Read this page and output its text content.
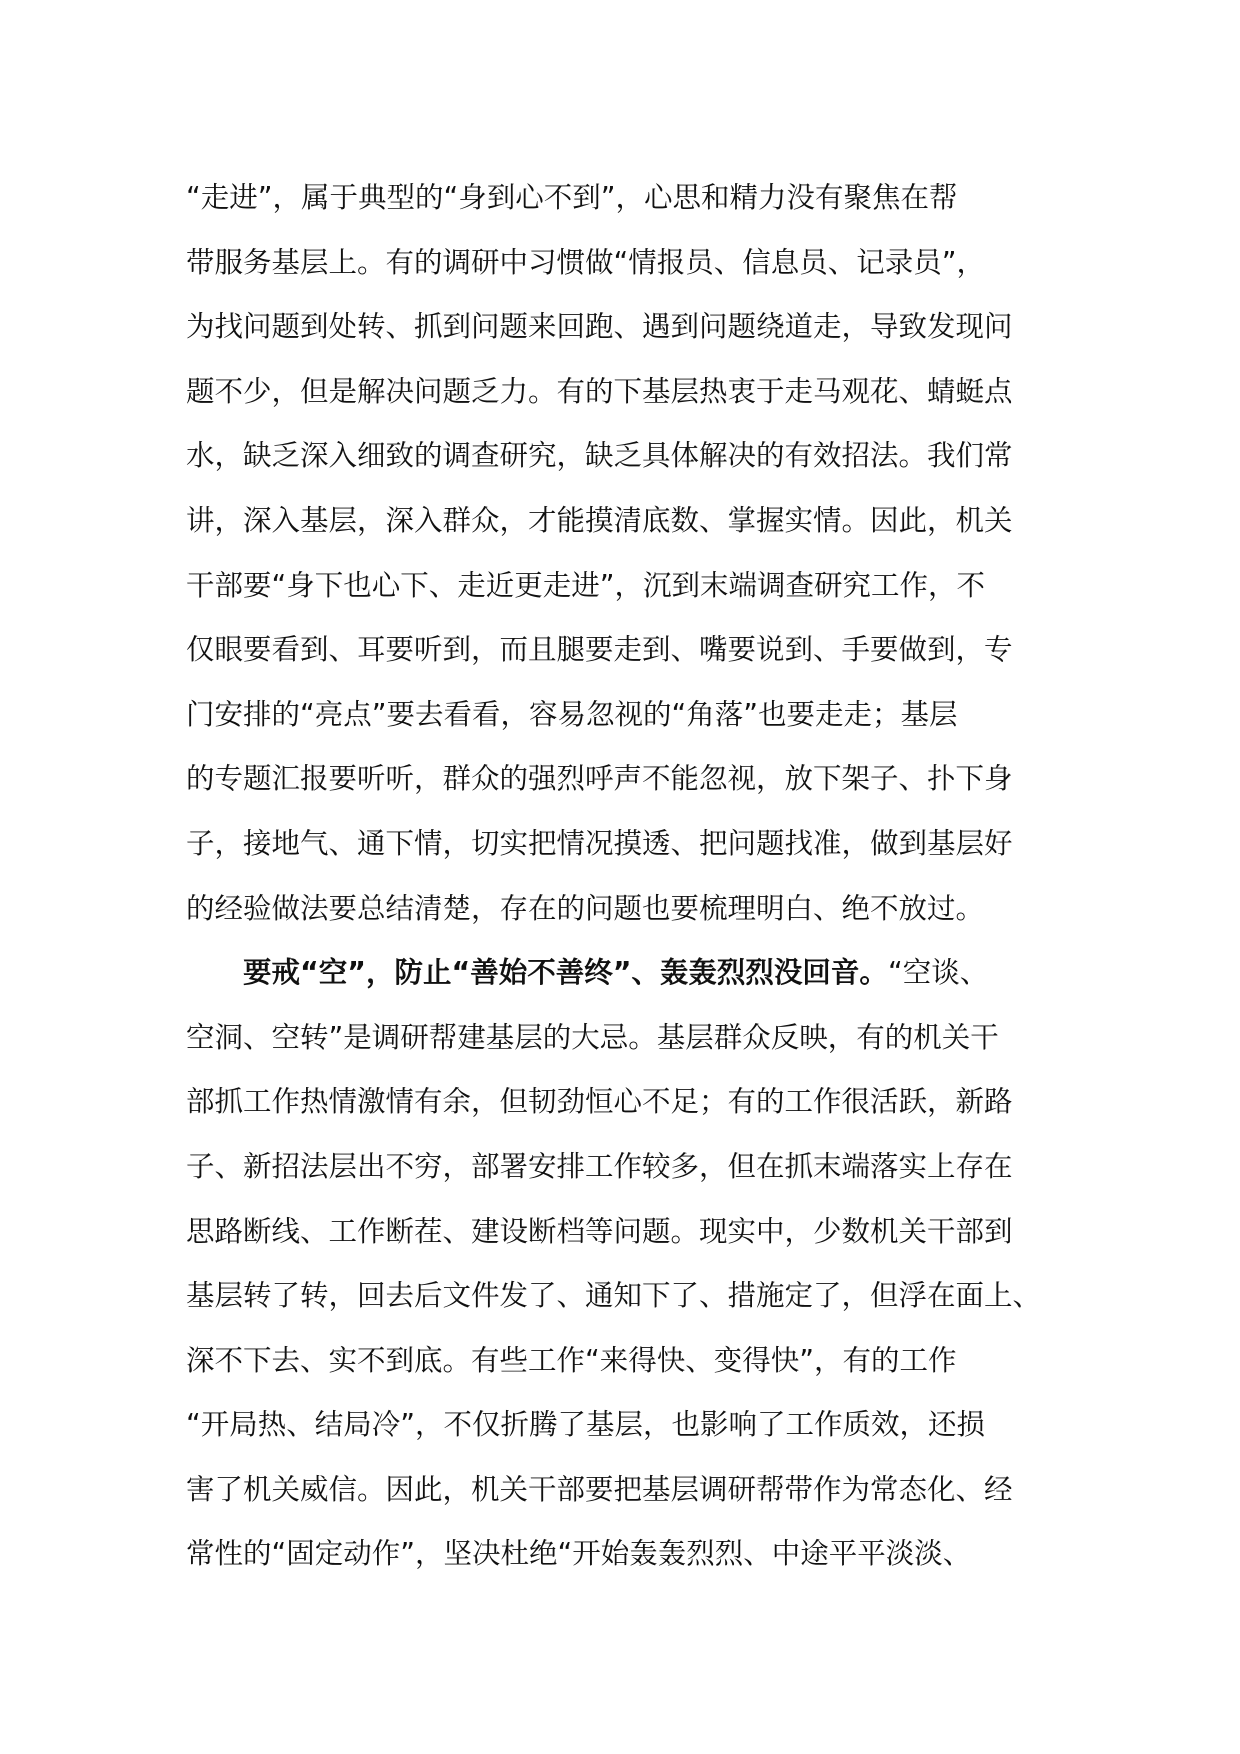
“走进”，属于典型的“身到心不到”，心思和精力没有聚焦在帮
带服务基层上。有的调研中习惯做“情报员、信息员、记录员”，
为找问题到处转、抓到问题来回跑、遇到问题绕道走，导致发现问
题不少，但是解决问题乏力。有的下基层热衷于走马观花、蜻蜓点
水，缺乏深入细致的调查研究，缺乏具体解决的有效招法。我们常
讲，深入基层，深入群众，才能摸清底数、掌握实情。因此，机关
干部要“身下也心下、走近更走进”，沉到末端调查研究工作，不
仅眼要看到、耳要听到，而且腿要走到、嘴要说到、手要做到，专
门安排的“亮点”要去看看，容易忽视的“角落”也要走走；基层
的专题汇报要听听，群众的强烈呼声不能忽视，放下架子、扑下身
子，接地气、通下情，切实把情况摸透、把问题找准，做到基层好
的经验做法要总结清楚，存在的问题也要梳理明白、绝不放过。
要戒“空”，防止“善始不善终”、轰轰烈烈没回音。“空谈、
空洞、空转”是调研帮建基层的大忌。基层群众反映，有的机关干
部抓工作热情激情有余，但韧劲恒心不足；有的工作很活跃，新路
子、新招法层出不穷，部署安排工作较多，但在抓末端落实上存在
思路断线、工作断茬、建设断档等问题。现实中，少数机关干部到
基层转了转，回去后文件发了、通知下了、措施定了，但浮在面上、
深不下去、实不到底。有些工作“来得快、变得快”，有的工作
“开局热、结局冷”，不仅折腾了基层，也影响了工作质效，还损
害了机关威信。因此，机关干部要把基层调研帮带作为常态化、经
常性的“固定动作”，坚决杜绝“开始轰轰烈烈、中途平平淡淡、
